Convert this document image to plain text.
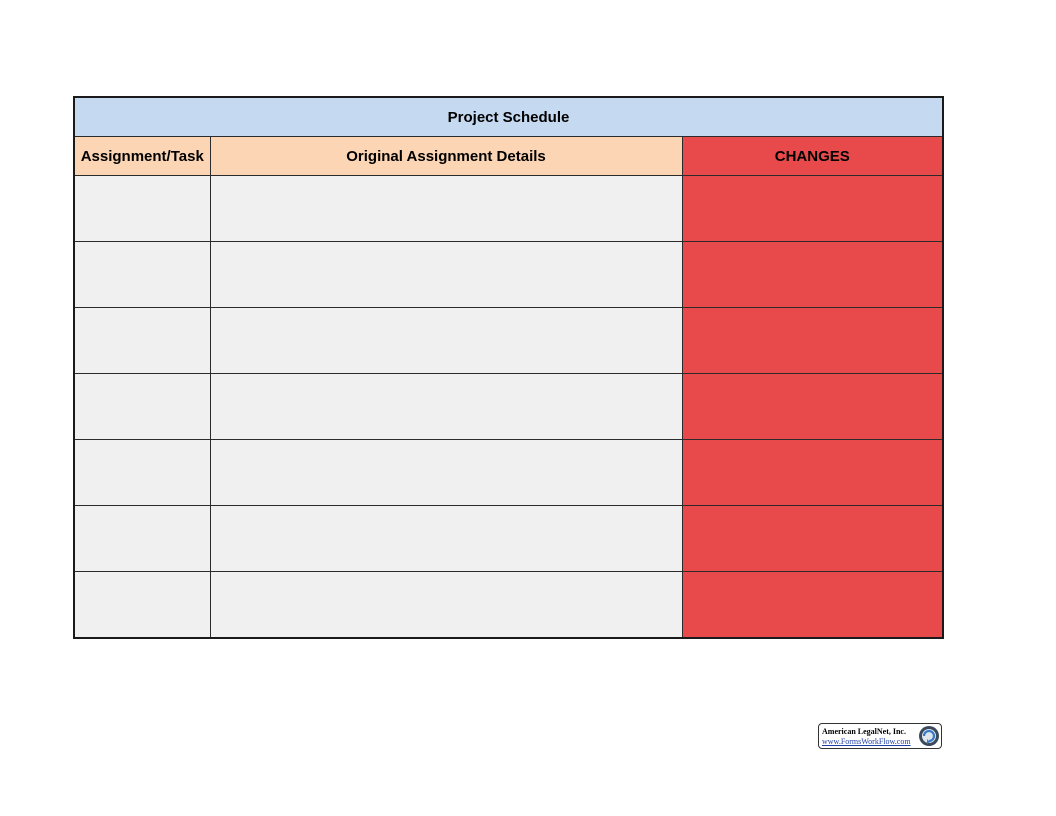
Project Schedule		
Assignment/Task	Original Assignment Details	CHANGES

American LegalNet, Inc.
www.FormsWorkFlow.com
